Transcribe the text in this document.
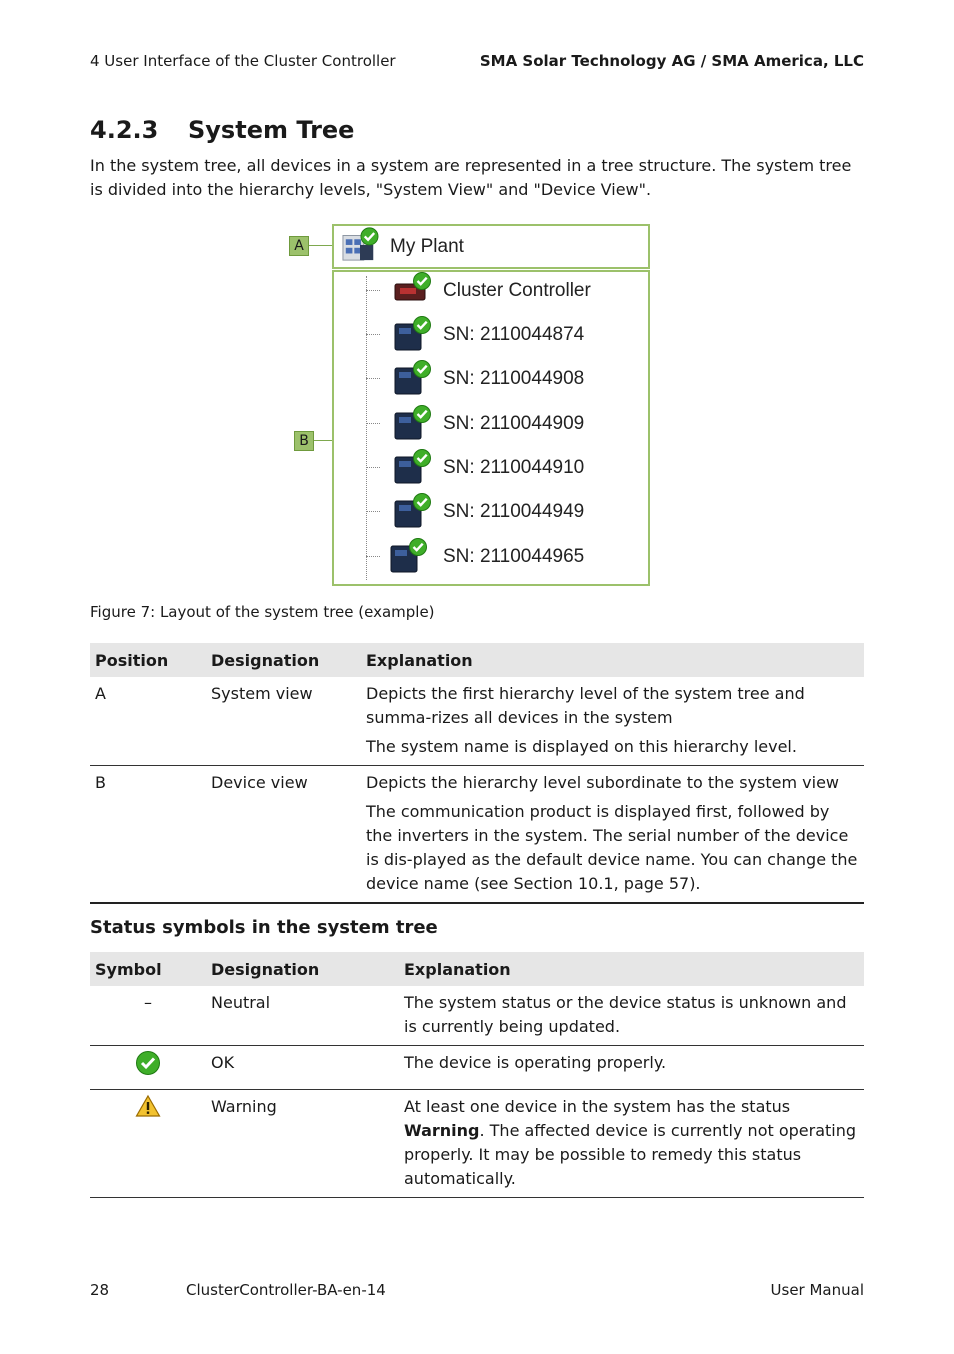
4 User Interface of the Cluster Controller	SMA Solar Technology AG / SMA America, LLC
4.2.3 System Tree
In the system tree, all devices in a system are represented in a tree structure. The system tree is divided into the hierarchy levels, "System View" and "Device View".
A
B
My Plant
Cluster Controller
SN: 2110044874
SN: 2110044908
SN: 2110044909
SN: 2110044910
SN: 2110044949
SN: 2110044965
Figure 7: Layout of the system tree (example)
Position	Designation	Explanation
A	System view	Depicts the first hierarchy level of the system tree and summa-rizes all devices in the system

The system name is displayed on this hierarchy level.

B	Device view	Depicts the hierarchy level subordinate to the system view

The communication product is displayed first, followed by the inverters in the system. The serial number of the device is dis-played as the default device name. You can change the device name (see Section 10.1, page 57).

Status symbols in the system tree
Symbol	Designation	Explanation
–	Neutral	The system status or the device status is unknown and is currently being updated.
	OK	The device is operating properly.
	Warning	At least one device in the system has the status Warning. The affected device is currently not operating properly. It may be possible to remedy this status automatically.
28	ClusterController-BA-en-14	User Manual
